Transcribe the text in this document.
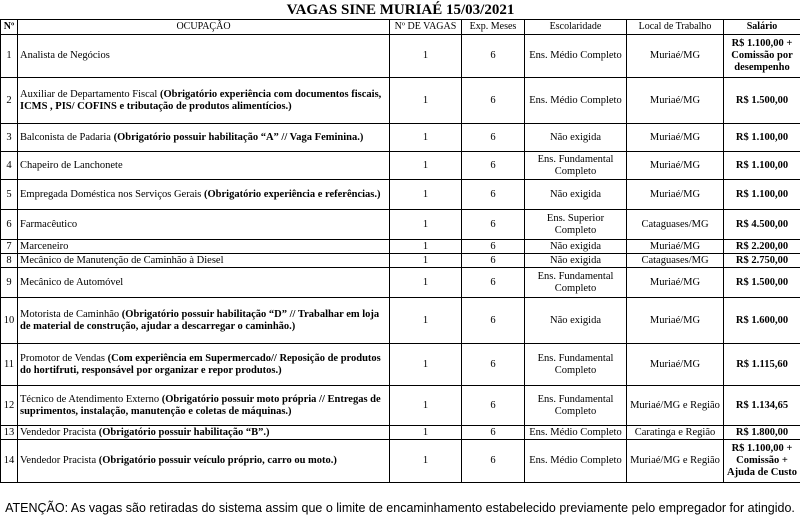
VAGAS SINE MURIAÉ 15/03/2021						
Nº	OCUPAÇÃO	Nº DE VAGAS	Exp. Meses	Escolaridade	Local de Trabalho	Salário
1	Analista de Negócios	1	6	Ens. Médio Completo	Muriaé/MG	R$ 1.100,00 + Comissão por desempenho
2	Auxiliar de Departamento Fiscal (Obrigatório experiência com documentos fiscais, ICMS , PIS/ COFINS e tributação de produtos alimentícios.)	1	6	Ens. Médio Completo	Muriaé/MG	R$ 1.500,00
3	Balconista de Padaria (Obrigatório possuir habilitação “A” // Vaga Feminina.)	1	6	Não exigida	Muriaé/MG	R$ 1.100,00
4	Chapeiro de Lanchonete	1	6	Ens. Fundamental Completo	Muriaé/MG	R$ 1.100,00
5	Empregada Doméstica nos Serviços Gerais (Obrigatório experiência e referências.)	1	6	Não exigida	Muriaé/MG	R$ 1.100,00
6	Farmacêutico	1	6	Ens. Superior Completo	Cataguases/MG	R$ 4.500,00
7	Marceneiro	1	6	Não exigida	Muriaé/MG	R$ 2.200,00
8	Mecânico de Manutenção de Caminhão à Diesel	1	6	Não exigida	Cataguases/MG	R$ 2.750,00
9	Mecânico de Automóvel	1	6	Ens. Fundamental Completo	Muriaé/MG	R$ 1.500,00
10	Motorista de Caminhão (Obrigatório possuir habilitação “D” // Trabalhar em loja de material de construção, ajudar a descarregar o caminhão.)	1	6	Não exigida	Muriaé/MG	R$ 1.600,00
11	Promotor de Vendas (Com experiência em Supermercado// Reposição de produtos do hortifruti, responsável por organizar e repor produtos.)	1	6	Ens. Fundamental Completo	Muriaé/MG	R$ 1.115,60
12	Técnico de Atendimento Externo (Obrigatório possuir moto própria // Entregas de suprimentos, instalação, manutenção e coletas de máquinas.)	1	6	Ens. Fundamental Completo	Muriaé/MG e Região	R$ 1.134,65
13	Vendedor Pracista (Obrigatório possuir habilitação “B”.)	1	6	Ens. Médio Completo	Caratinga e Região	R$ 1.800,00
14	Vendedor Pracista (Obrigatório possuir veículo próprio, carro ou moto.)	1	6	Ens. Médio Completo	Muriaé/MG e Região	R$ 1.100,00 + Comissão + Ajuda de Custo
ATENÇÃO: As vagas são retiradas do sistema assim que o limite de encaminhamento estabelecido previamente pelo empregador for atingido.
